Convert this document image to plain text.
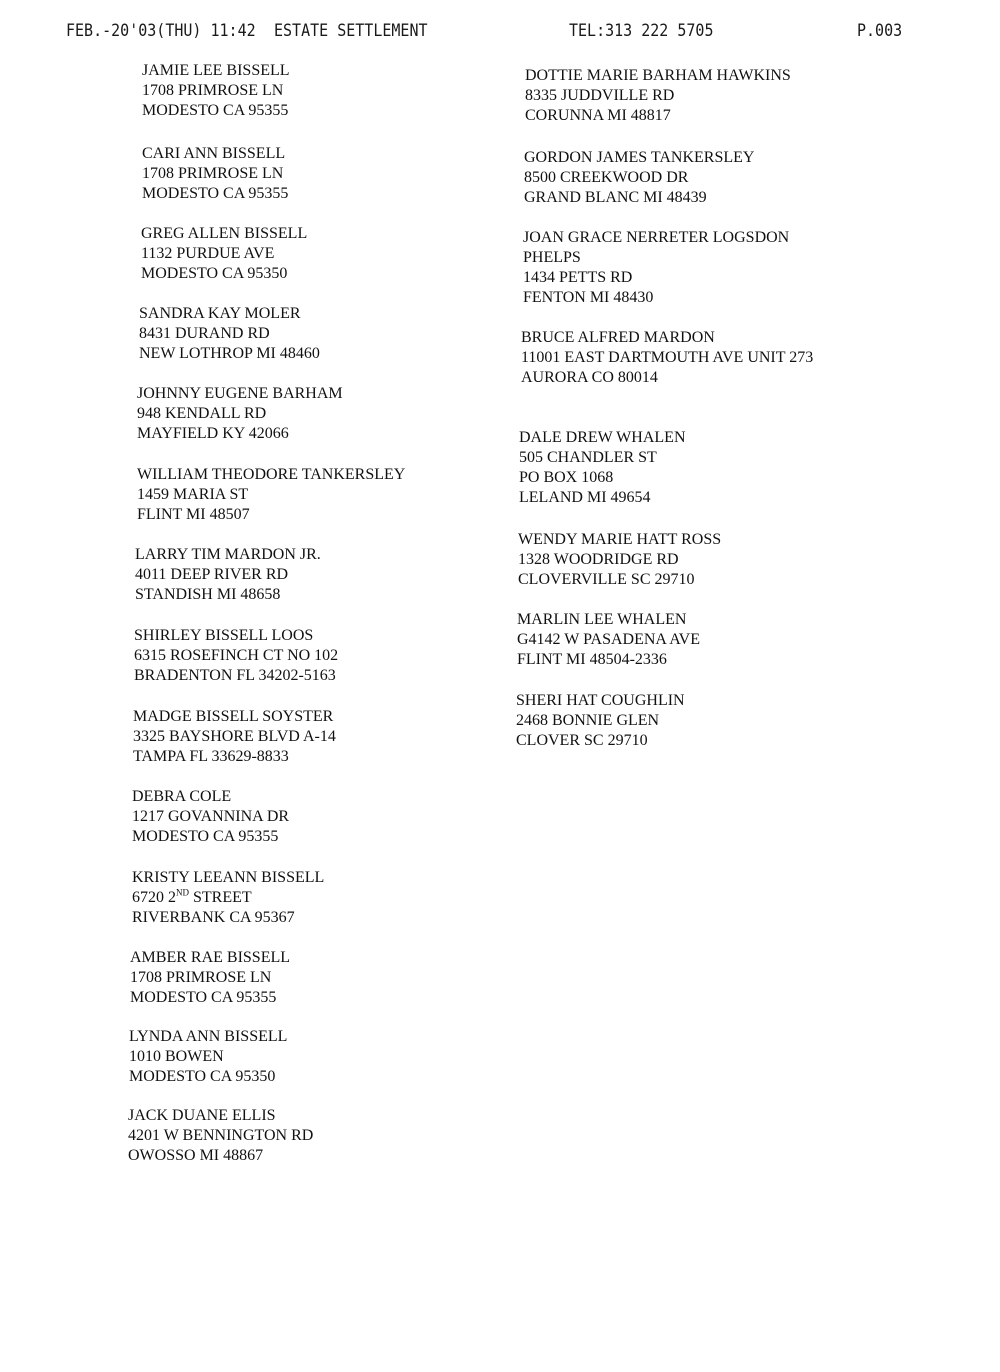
FEB.-20'03(THU) 11:42 ESTATE SETTLEMENT	TEL:313 222 5705	P.003
JAMIE LEE BISSELL
1708 PRIMROSE LN
MODESTO CA 95355
CARI ANN BISSELL
1708 PRIMROSE LN
MODESTO CA 95355
GREG ALLEN BISSELL
1132 PURDUE AVE
MODESTO CA 95350
SANDRA KAY MOLER
8431 DURAND RD
NEW LOTHROP MI 48460
JOHNNY EUGENE BARHAM
948 KENDALL RD
MAYFIELD KY 42066
WILLIAM THEODORE TANKERSLEY
1459 MARIA ST
FLINT MI 48507
LARRY TIM MARDON JR.
4011 DEEP RIVER RD
STANDISH MI 48658
SHIRLEY BISSELL LOOS
6315 ROSEFINCH CT NO 102
BRADENTON FL 34202-5163
MADGE BISSELL SOYSTER
3325 BAYSHORE BLVD A-14
TAMPA FL 33629-8833
DEBRA COLE
1217 GOVANNINA DR
MODESTO CA 95355
KRISTY LEEANN BISSELL
6720 2ND STREET
RIVERBANK CA 95367
AMBER RAE BISSELL
1708 PRIMROSE LN
MODESTO CA 95355
LYNDA ANN BISSELL
1010 BOWEN
MODESTO CA 95350
JACK DUANE ELLIS
4201 W BENNINGTON RD
OWOSSO MI 48867
DOTTIE MARIE BARHAM HAWKINS
8335 JUDDVILLE RD
CORUNNA MI 48817
GORDON JAMES TANKERSLEY
8500 CREEKWOOD DR
GRAND BLANC MI 48439
JOAN GRACE NERRETER LOGSDON
PHELPS
1434 PETTS RD
FENTON MI 48430
BRUCE ALFRED MARDON
11001 EAST DARTMOUTH AVE UNIT 273
AURORA CO 80014
DALE DREW WHALEN
505 CHANDLER ST
PO BOX 1068
LELAND MI 49654
WENDY MARIE HATT ROSS
1328 WOODRIDGE RD
CLOVERVILLE SC 29710
MARLIN LEE WHALEN
G4142 W PASADENA AVE
FLINT MI 48504-2336
SHERI HAT COUGHLIN
2468 BONNIE GLEN
CLOVER SC 29710
